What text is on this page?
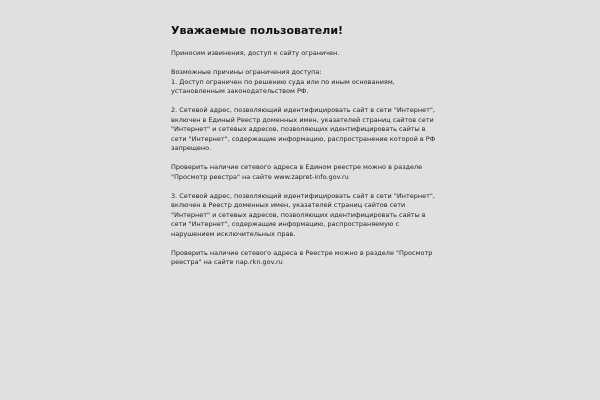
Уважаемые пользователи!

Приносим извинения, доступ к сайту ограничен.

Возможные причины ограничения доступа:
1. Доступ ограничен по решению суда или по иным основаниям, установленным законодательством РФ.

2. Сетевой адрес, позволяющий идентифицировать сайт в сети "Интернет", включен в Единый Реестр доменных имен, указателей страниц сайтов сети "Интернет" и сетевых адресов, позволяющих идентифицировать сайты в сети "Интернет", содержащие информацию, распространение которой в РФ запрещено.

Проверить наличие сетевого адреса в Едином реестре можно в разделе "Просмотр реестра" на сайте www.zapret-info.gov.ru

3. Сетевой адрес, позволяющий идентифицировать сайт в сети "Интернет", включен в Реестр доменных имен, указателей страниц сайтов сети "Интернет" и сетевых адресов, позволяющих идентифицировать сайты в сети "Интернет", содержащие информацию, распространяемую с нарушением исключительных прав.

Проверить наличие сетевого адреса в Реестре можно в разделе "Просмотр реестра" на сайте nap.rkn.gov.ru
